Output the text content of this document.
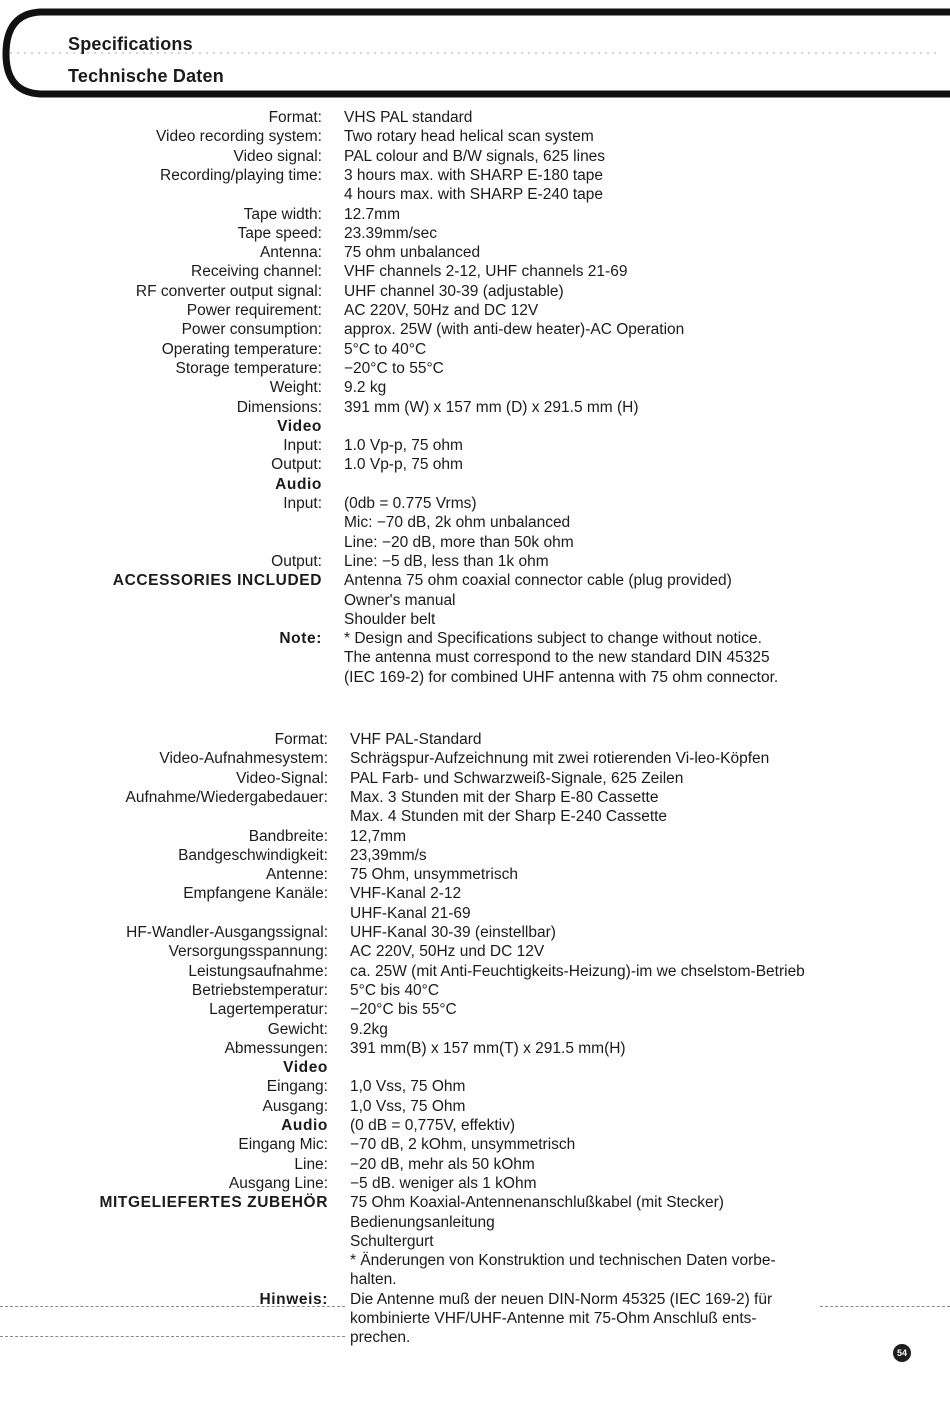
Specifications
Technische Daten
Format: VHS PAL standard
Video recording system: Two rotary head helical scan system
Video signal: PAL colour and B/W signals, 625 lines
Recording/playing time: 3 hours max. with SHARP E-180 tape
4 hours max. with SHARP E-240 tape
Tape width: 12.7mm
Tape speed: 23.39mm/sec
Antenna: 75 ohm unbalanced
Receiving channel: VHF channels 2-12, UHF channels 21-69
RF converter output signal: UHF channel 30-39 (adjustable)
Power requirement: AC 220V, 50Hz and DC 12V
Power consumption: approx. 25W (with anti-dew heater)-AC Operation
Operating temperature: 5°C to 40°C
Storage temperature: −20°C to 55°C
Weight: 9.2 kg
Dimensions: 391 mm (W) x 157 mm (D) x 291.5 mm (H)
Video
Input: 1.0 Vp-p, 75 ohm
Output: 1.0 Vp-p, 75 ohm
Audio
Input: (0db = 0.775 Vrms)
Mic: −70 dB, 2k ohm unbalanced
Line: −20 dB, more than 50k ohm
Output: Line: −5 dB, less than 1k ohm
ACCESSORIES INCLUDED Antenna 75 ohm coaxial connector cable (plug provided)
Owner's manual
Shoulder belt
Note: * Design and Specifications subject to change without notice.
The antenna must correspond to the new standard DIN 45325
(IEC 169-2) for combined UHF antenna with 75 ohm connector.
Format: VHF PAL-Standard
Video-Aufnahmesystem: Schrägspur-Aufzeichnung mit zwei rotierenden Vi-leo-Köpfen
Video-Signal: PAL Farb- und Schwarzweiß-Signale, 625 Zeilen
Aufnahme/Wiedergabedauer: Max. 3 Stunden mit der Sharp E-80 Cassette
Max. 4 Stunden mit der Sharp E-240 Cassette
Bandbreite: 12,7mm
Bandgeschwindigkeit: 23,39mm/s
Antenne: 75 Ohm, unsymmetrisch
Empfangene Kanäle: VHF-Kanal 2-12
UHF-Kanal 21-69
HF-Wandler-Ausgangssignal: UHF-Kanal 30-39 (einstellbar)
Versorgungsspannung: AC 220V, 50Hz und DC 12V
Leistungsaufnahme: ca. 25W (mit Anti-Feuchtigkeits-Heizung)-im we chselstom-Betrieb
Betriebstemperatur: 5°C bis 40°C
Lagertemperatur: −20°C bis 55°C
Gewicht: 9.2kg
Abmessungen: 391 mm(B) x 157 mm(T) x 291.5 mm(H)
Video
Eingang: 1,0 Vss, 75 Ohm
Ausgang: 1,0 Vss, 75 Ohm
Audio (0 dB = 0,775V, effektiv)
Eingang Mic: −70 dB, 2 kOhm, unsymmetrisch
Line: −20 dB, mehr als 50 kOhm
Ausgang Line: −5 dB. weniger als 1 kOhm
MITGELIEFERTES ZUBEHÖR 75 Ohm Koaxial-Antennenanschlußkabel (mit Stecker)
Bedienungsanleitung
Schultergurt
* Änderungen von Konstruktion und technischen Daten vorbe-
halten.
Hinweis: Die Antenne muß der neuen DIN-Norm 45325 (IEC 169-2) für
kombinierte VHF/UHF-Antenne mit 75-Ohm Anschluß ents-
prechen.
54
